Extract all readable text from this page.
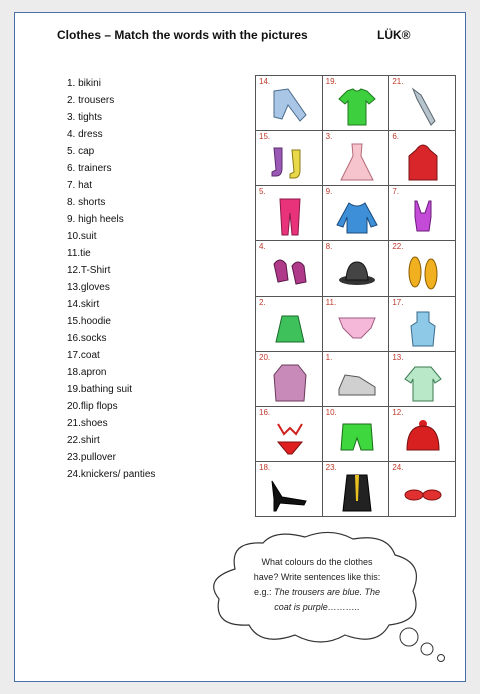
Clothes – Match the words with the pictures	LÜK®
1. bikini
2. trousers
3. tights
4. dress
5. cap
6. trainers
7. hat
8. shorts
9. high heels
10.suit
11.tie
12.T-Shirt
13.gloves
14.skirt
15.hoodie
16.socks
17.coat
18.apron
19.bathing suit
20.flip flops
21.shoes
22.shirt
23.pullover
24.knickers/ panties
14.	19.	21.
15.	3.	6.
5.	9.	7.
4.	8.	22.
2.	11.	17.
20.	1.	13.
16.	10.	12.
18.	23.	24.
What colours do the clothes
have? Write sentences like this:
e.g.: The trousers are blue. The
coat is purple………..
